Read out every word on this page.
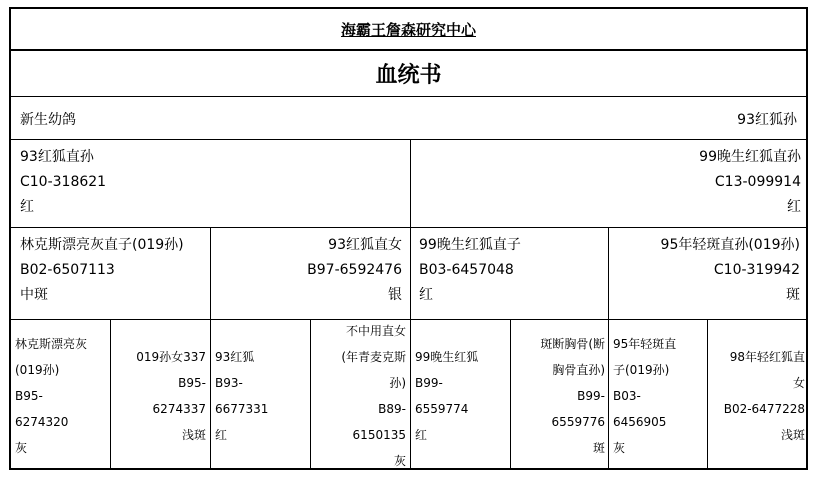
海霸王詹森研究中心
血统书
新生幼鸽	93红狐孙
93红狐直孙
C10-318621
红
99晚生红狐直孙
C13-099914
红
林克斯漂亮灰直子(019孙)
B02-6507113
中斑
93红狐直女
B97-6592476
银
99晚生红狐直子
B03-6457048
红
95年轻斑直孙(019孙)
C10-319942
斑
林克斯漂亮灰
(019孙)
B95-
6274320
灰
019孙女337
B95-
6274337
浅斑
93红狐
B93-
6677331
红
不中用直女
(年青麦克斯
孙)
B89-
6150135
灰
99晚生红狐
B99-
6559774
红
斑断胸骨(断
胸骨直孙)
B99-
6559776
斑
95年轻斑直
子(019孙)
B03-
6456905
灰
98年轻红狐直
女
B02-6477228
浅斑
